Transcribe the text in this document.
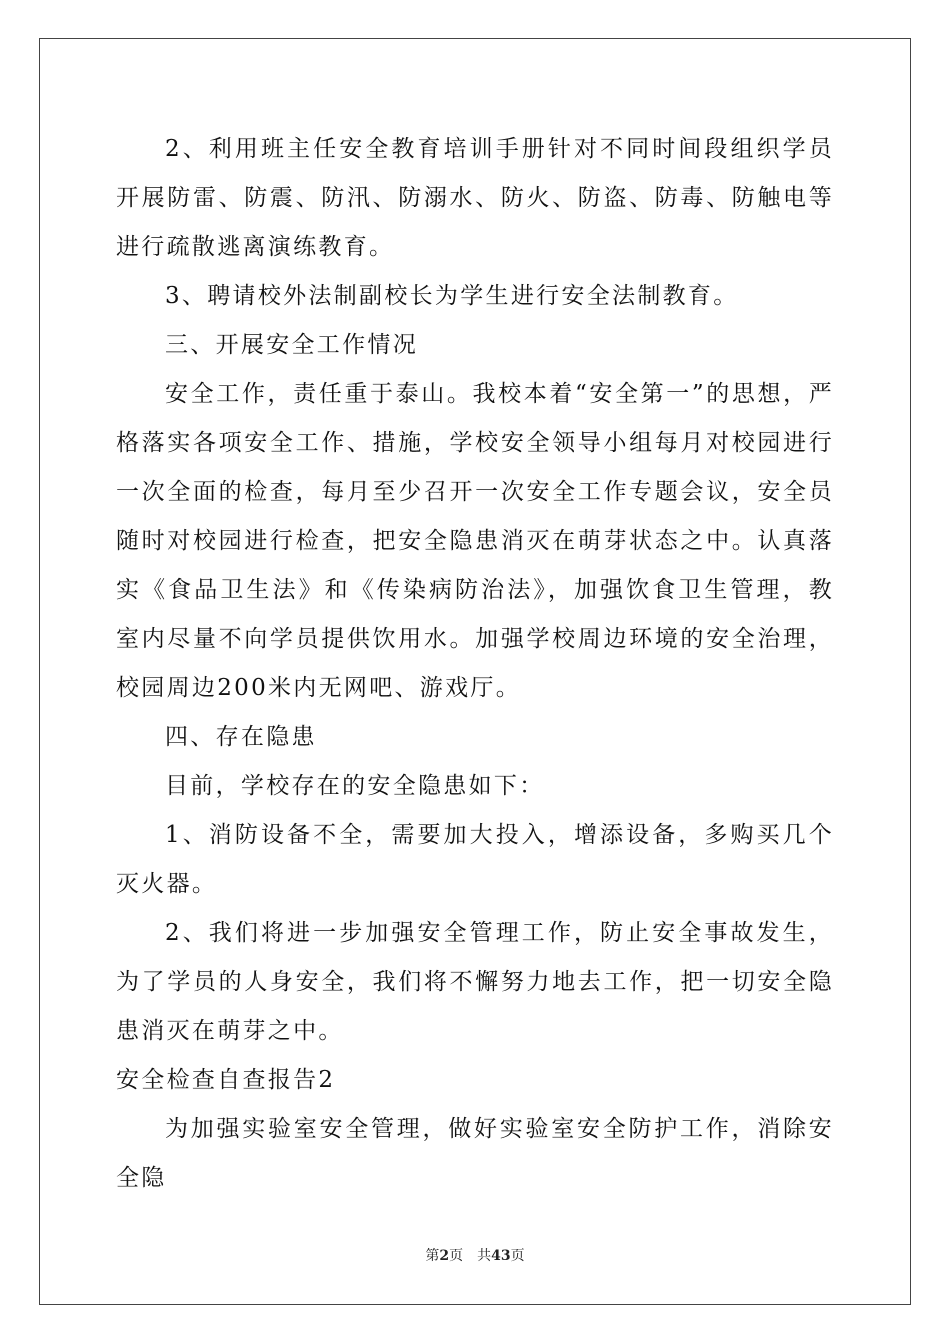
2、利用班主任安全教育培训手册针对不同时间段组织学员开展防雷、防震、防汛、防溺水、防火、防盗、防毒、防触电等进行疏散逃离演练教育。

3、聘请校外法制副校长为学生进行安全法制教育。

三、开展安全工作情况

安全工作，责任重于泰山。我校本着“安全第一”的思想，严格落实各项安全工作、措施，学校安全领导小组每月对校园进行一次全面的检查，每月至少召开一次安全工作专题会议，安全员随时对校园进行检查，把安全隐患消灭在萌芽状态之中。认真落实《食品卫生法》和《传染病防治法》，加强饮食卫生管理，教室内尽量不向学员提供饮用水。加强学校周边环境的安全治理，校园周边200米内无网吧、游戏厅。

四、存在隐患

目前，学校存在的安全隐患如下：

1、消防设备不全，需要加大投入，增添设备，多购买几个灭火器。

2、我们将进一步加强安全管理工作，防止安全事故发生，为了学员的人身安全，我们将不懈努力地去工作，把一切安全隐患消灭在萌芽之中。

安全检查自查报告2

为加强实验室安全管理，做好实验室安全防护工作，消除安全隐

第2页 共43页
